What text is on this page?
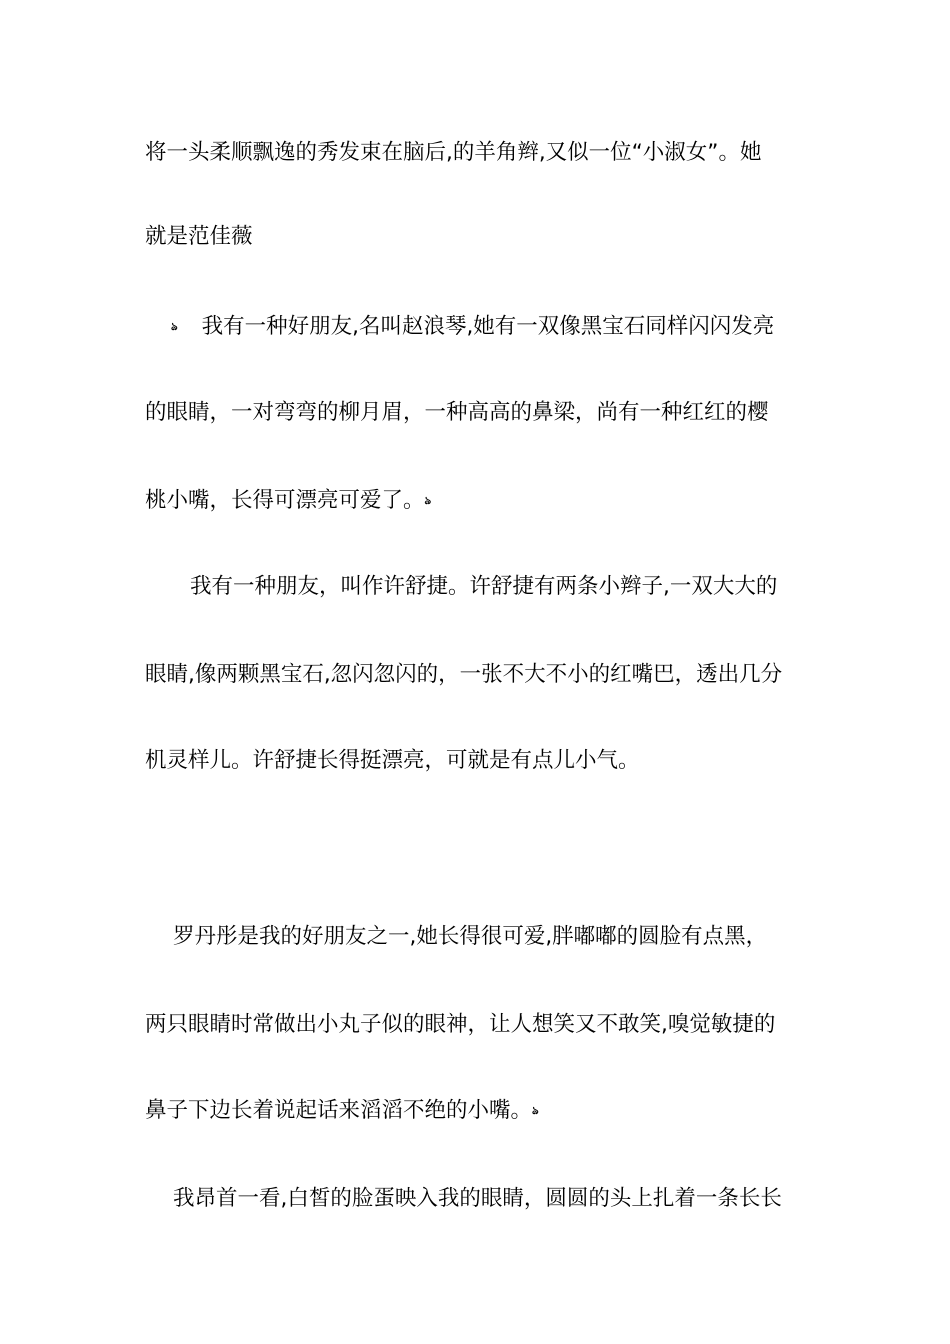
将一头柔顺飘逸的秀发束在脑后,的羊角辫,又似一位“小淑女”。她
就是范佳薇
ঌ 我有一种好朋友,名叫赵浪琴,她有一双像黑宝石同样闪闪发亮
的眼睛，一对弯弯的柳月眉，一种高高的鼻梁，尚有一种红红的樱
桃小嘴，长得可漂亮可爱了。ঌ
我有一种朋友，叫作许舒捷。许舒捷有两条小辫子,一双大大的
眼睛,像两颗黑宝石,忽闪忽闪的，一张不大不小的红嘴巴，透出几分
机灵样儿。许舒捷长得挺漂亮，可就是有点儿小气。
罗丹彤是我的好朋友之一,她长得很可爱,胖嘟嘟的圆脸有点黑，
两只眼睛时常做出小丸子似的眼神，让人想笑又不敢笑,嗅觉敏捷的
鼻子下边长着说起话来滔滔不绝的小嘴。ঌ
我昂首一看,白皙的脸蛋映入我的眼睛，圆圆的头上扎着一条长长
